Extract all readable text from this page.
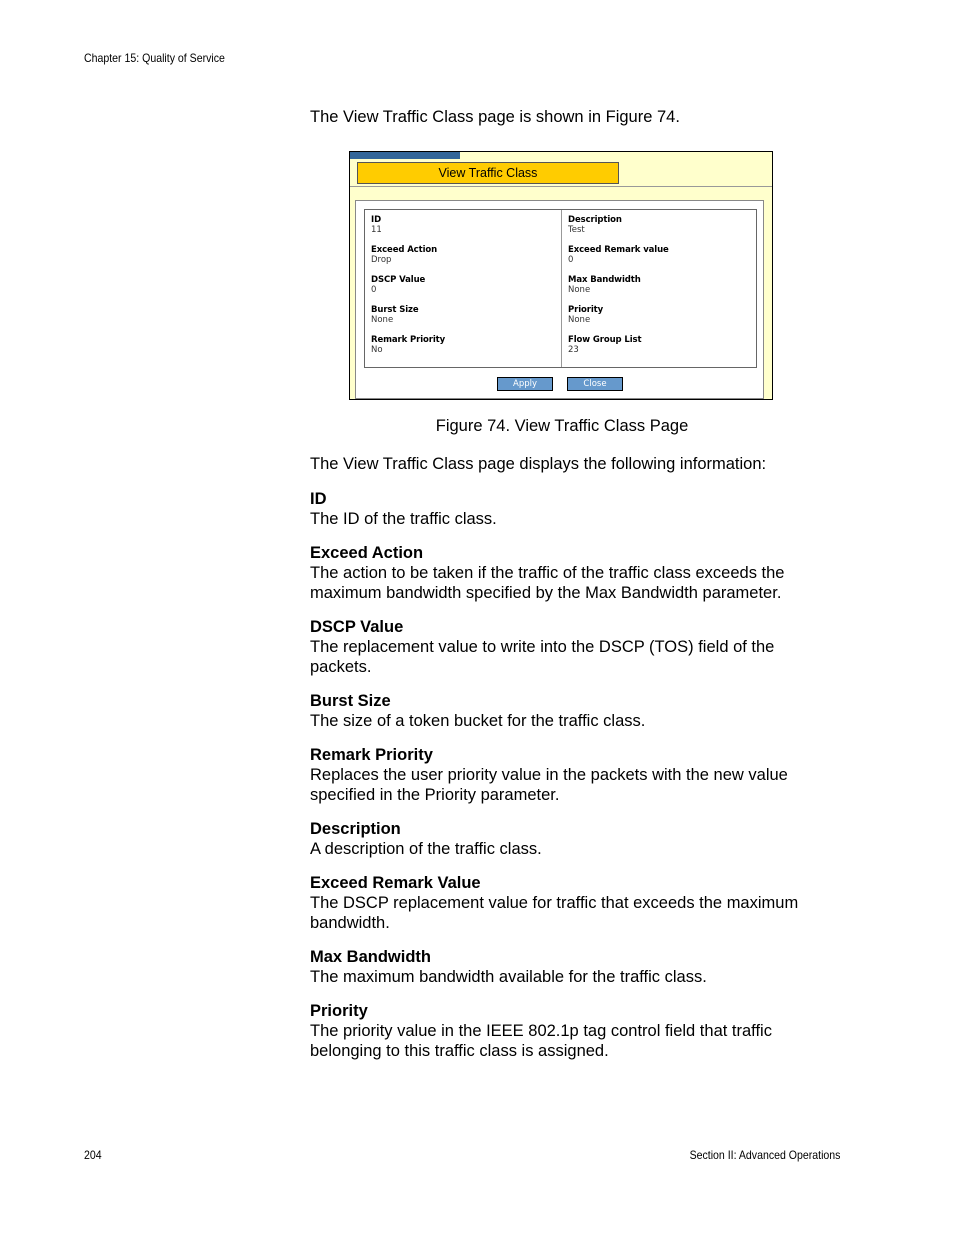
Chapter 15: Quality of Service
The View Traffic Class page is shown in Figure 74.
View Traffic Class
ID
11
Exceed Action
Drop
DSCP Value
0
Burst Size
None
Remark Priority
No
Description
Test
Exceed Remark value
0
Max Bandwidth
None
Priority
None
Flow Group List
23
Apply	Close
Figure 74. View Traffic Class Page
The View Traffic Class page displays the following information:
ID

The ID of the traffic class.

Exceed Action

The action to be taken if the traffic of the traffic class exceeds the maximum bandwidth specified by the Max Bandwidth parameter.

DSCP Value

The replacement value to write into the DSCP (TOS) field of the packets.

Burst Size

The size of a token bucket for the traffic class.

Remark Priority

Replaces the user priority value in the packets with the new value specified in the Priority parameter.

Description

A description of the traffic class.

Exceed Remark Value

The DSCP replacement value for traffic that exceeds the maximum bandwidth.

Max Bandwidth

The maximum bandwidth available for the traffic class.

Priority

The priority value in the IEEE 802.1p tag control field that traffic belonging to this traffic class is assigned.

204	Section II: Advanced Operations
